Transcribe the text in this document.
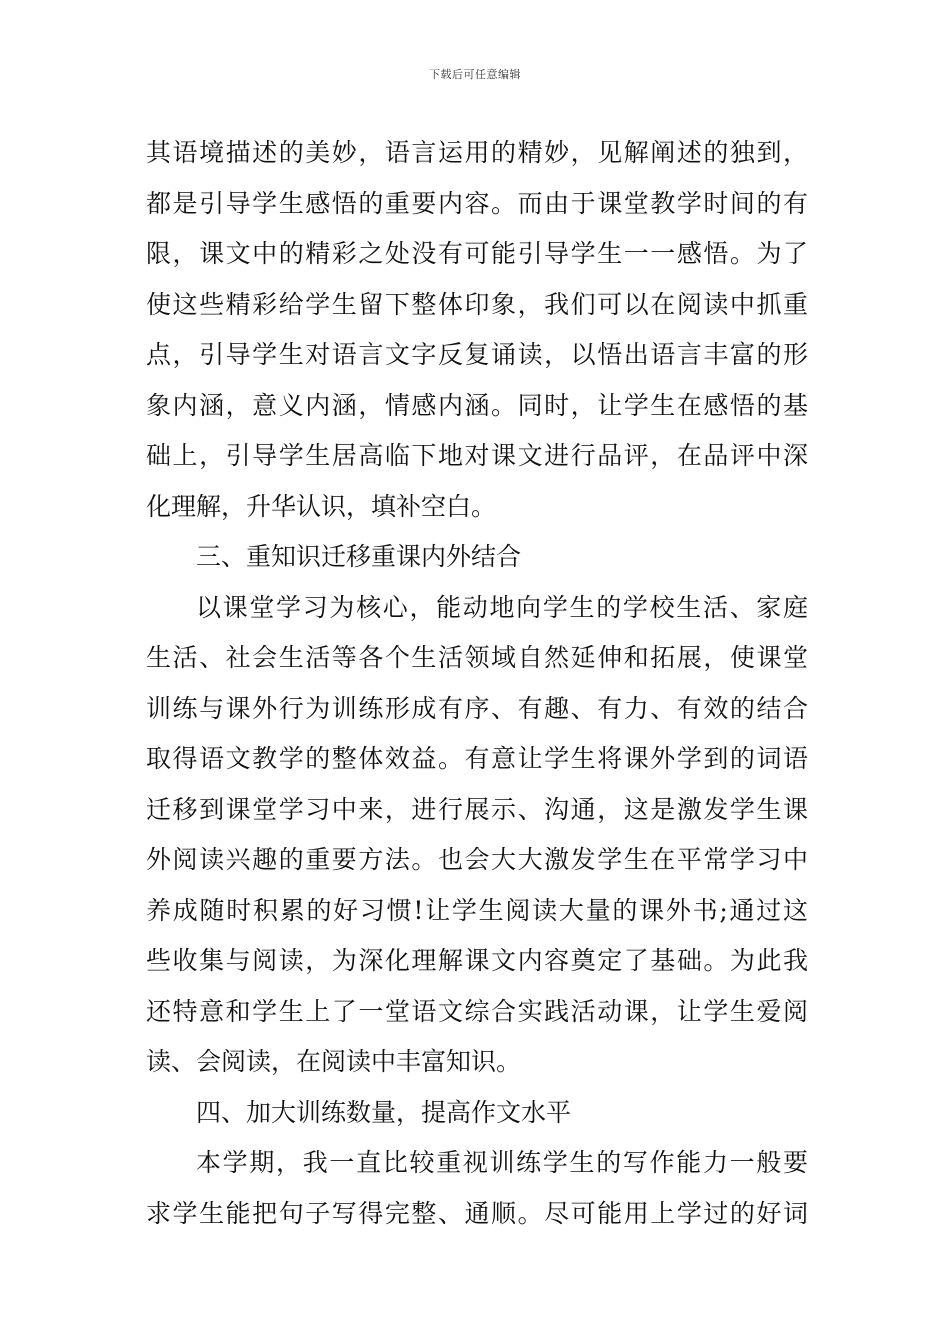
下载后可任意编辑
其语境描述的美妙，语言运用的精妙，见解阐述的独到，
都是引导学生感悟的重要内容。而由于课堂教学时间的有
限，课文中的精彩之处没有可能引导学生一一感悟。为了
使这些精彩给学生留下整体印象，我们可以在阅读中抓重
点，引导学生对语言文字反复诵读，以悟出语言丰富的形
象内涵，意义内涵，情感内涵。同时，让学生在感悟的基
础上，引导学生居高临下地对课文进行品评，在品评中深
化理解，升华认识，填补空白。
三、重知识迁移重课内外结合
以课堂学习为核心，能动地向学生的学校生活、家庭
生活、社会生活等各个生活领域自然延伸和拓展，使课堂
训练与课外行为训练形成有序、有趣、有力、有效的结合
取得语文教学的整体效益。有意让学生将课外学到的词语
迁移到课堂学习中来，进行展示、沟通，这是激发学生课
外阅读兴趣的重要方法。也会大大激发学生在平常学习中
养成随时积累的好习惯!让学生阅读大量的课外书;通过这
些收集与阅读，为深化理解课文内容奠定了基础。为此我
还特意和学生上了一堂语文综合实践活动课，让学生爱阅
读、会阅读，在阅读中丰富知识。
四、加大训练数量，提高作文水平
本学期，我一直比较重视训练学生的写作能力一般要
求学生能把句子写得完整、通顺。尽可能用上学过的好词
